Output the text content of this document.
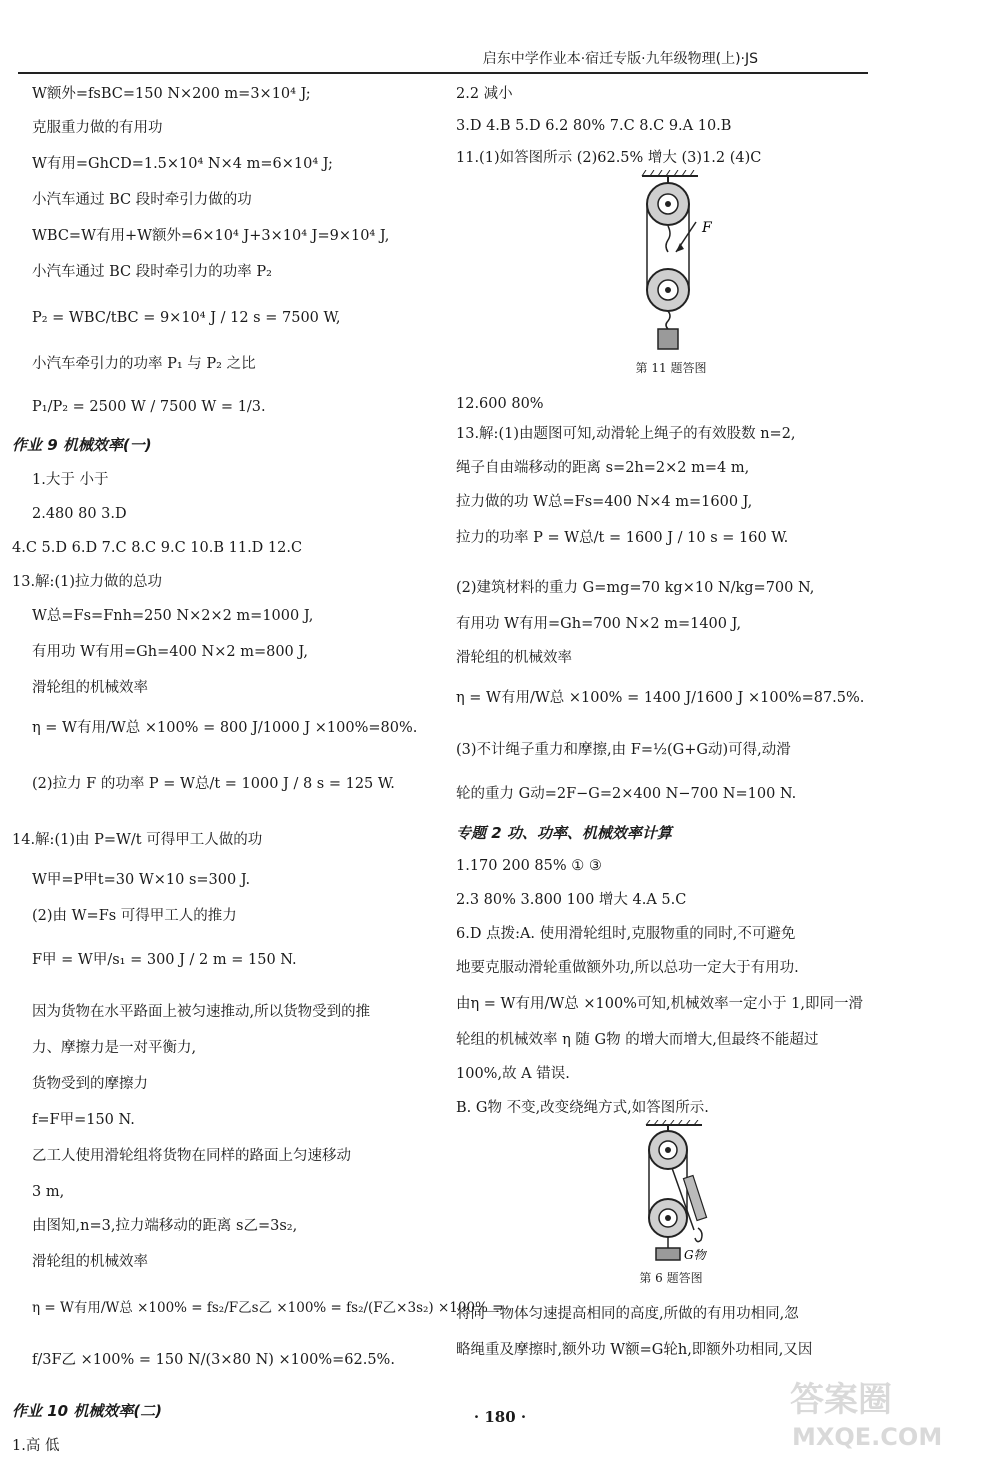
启东中学作业本·宿迁专版·九年级物理(上)·JS
W额外=fsBC=150 N×200 m=3×10⁴ J;
克服重力做的有用功
W有用=GhCD=1.5×10⁴ N×4 m=6×10⁴ J;
小汽车通过 BC 段时牵引力做的功
WBC=W有用+W额外=6×10⁴ J+3×10⁴ J=9×10⁴ J,
小汽车通过 BC 段时牵引力的功率 P₂
P₂ = WBC/tBC = 9×10⁴ J / 12 s = 7500 W,
小汽车牵引力的功率 P₁ 与 P₂ 之比
P₁/P₂ = 2500 W / 7500 W = 1/3.
作业 9 机械效率(一)
1.大于 小于
2.480 80 3.D
4.C 5.D 6.D 7.C 8.C 9.C 10.B 11.D 12.C
13.解:(1)拉力做的总功
W总=Fs=Fnh=250 N×2×2 m=1000 J,
有用功 W有用=Gh=400 N×2 m=800 J,
滑轮组的机械效率
η = W有用/W总 ×100% = 800 J/1000 J ×100%=80%.
(2)拉力 F 的功率 P = W总/t = 1000 J / 8 s = 125 W.
14.解:(1)由 P=W/t 可得甲工人做的功
W甲=P甲t=30 W×10 s=300 J.
(2)由 W=Fs 可得甲工人的推力
F甲 = W甲/s₁ = 300 J / 2 m = 150 N.
因为货物在水平路面上被匀速推动,所以货物受到的推
力、摩擦力是一对平衡力,
货物受到的摩擦力
f=F甲=150 N.
乙工人使用滑轮组将货物在同样的路面上匀速移动
3 m,
由图知,n=3,拉力端移动的距离 s乙=3s₂,
滑轮组的机械效率
η = W有用/W总 ×100% = fs₂/F乙s乙 ×100% = fs₂/(F乙×3s₂) ×100% =
f/3F乙 ×100% = 150 N/(3×80 N) ×100%=62.5%.
作业 10 机械效率(二)
1.高 低
2.2 减小
3.D 4.B 5.D 6.2 80% 7.C 8.C 9.A 10.B
11.(1)如答图所示 (2)62.5% 增大 (3)1.2 (4)C
F
第 11 题答图
12.600 80%
13.解:(1)由题图可知,动滑轮上绳子的有效股数 n=2,
绳子自由端移动的距离 s=2h=2×2 m=4 m,
拉力做的功 W总=Fs=400 N×4 m=1600 J,
拉力的功率 P = W总/t = 1600 J / 10 s = 160 W.
(2)建筑材料的重力 G=mg=70 kg×10 N/kg=700 N,
有用功 W有用=Gh=700 N×2 m=1400 J,
滑轮组的机械效率
η = W有用/W总 ×100% = 1400 J/1600 J ×100%=87.5%.
(3)不计绳子重力和摩擦,由 F=½(G+G动)可得,动滑
轮的重力 G动=2F−G=2×400 N−700 N=100 N.
专题 2 功、功率、机械效率计算
1.170 200 85% ① ③
2.3 80% 3.800 100 增大 4.A 5.C
6.D 点拨:A. 使用滑轮组时,克服物重的同时,不可避免
地要克服动滑轮重做额外功,所以总功一定大于有用功.
由η = W有用/W总 ×100%可知,机械效率一定小于 1,即同一滑
轮组的机械效率 η 随 G物 的增大而增大,但最终不能超过
100%,故 A 错误.
B. G物 不变,改变绕绳方式,如答图所示.
G物
第 6 题答图
将同一物体匀速提高相同的高度,所做的有用功相同,忽
略绳重及摩擦时,额外功 W额=G轮h,即额外功相同,又因
· 180 ·	答案圈
MXQE.COM
